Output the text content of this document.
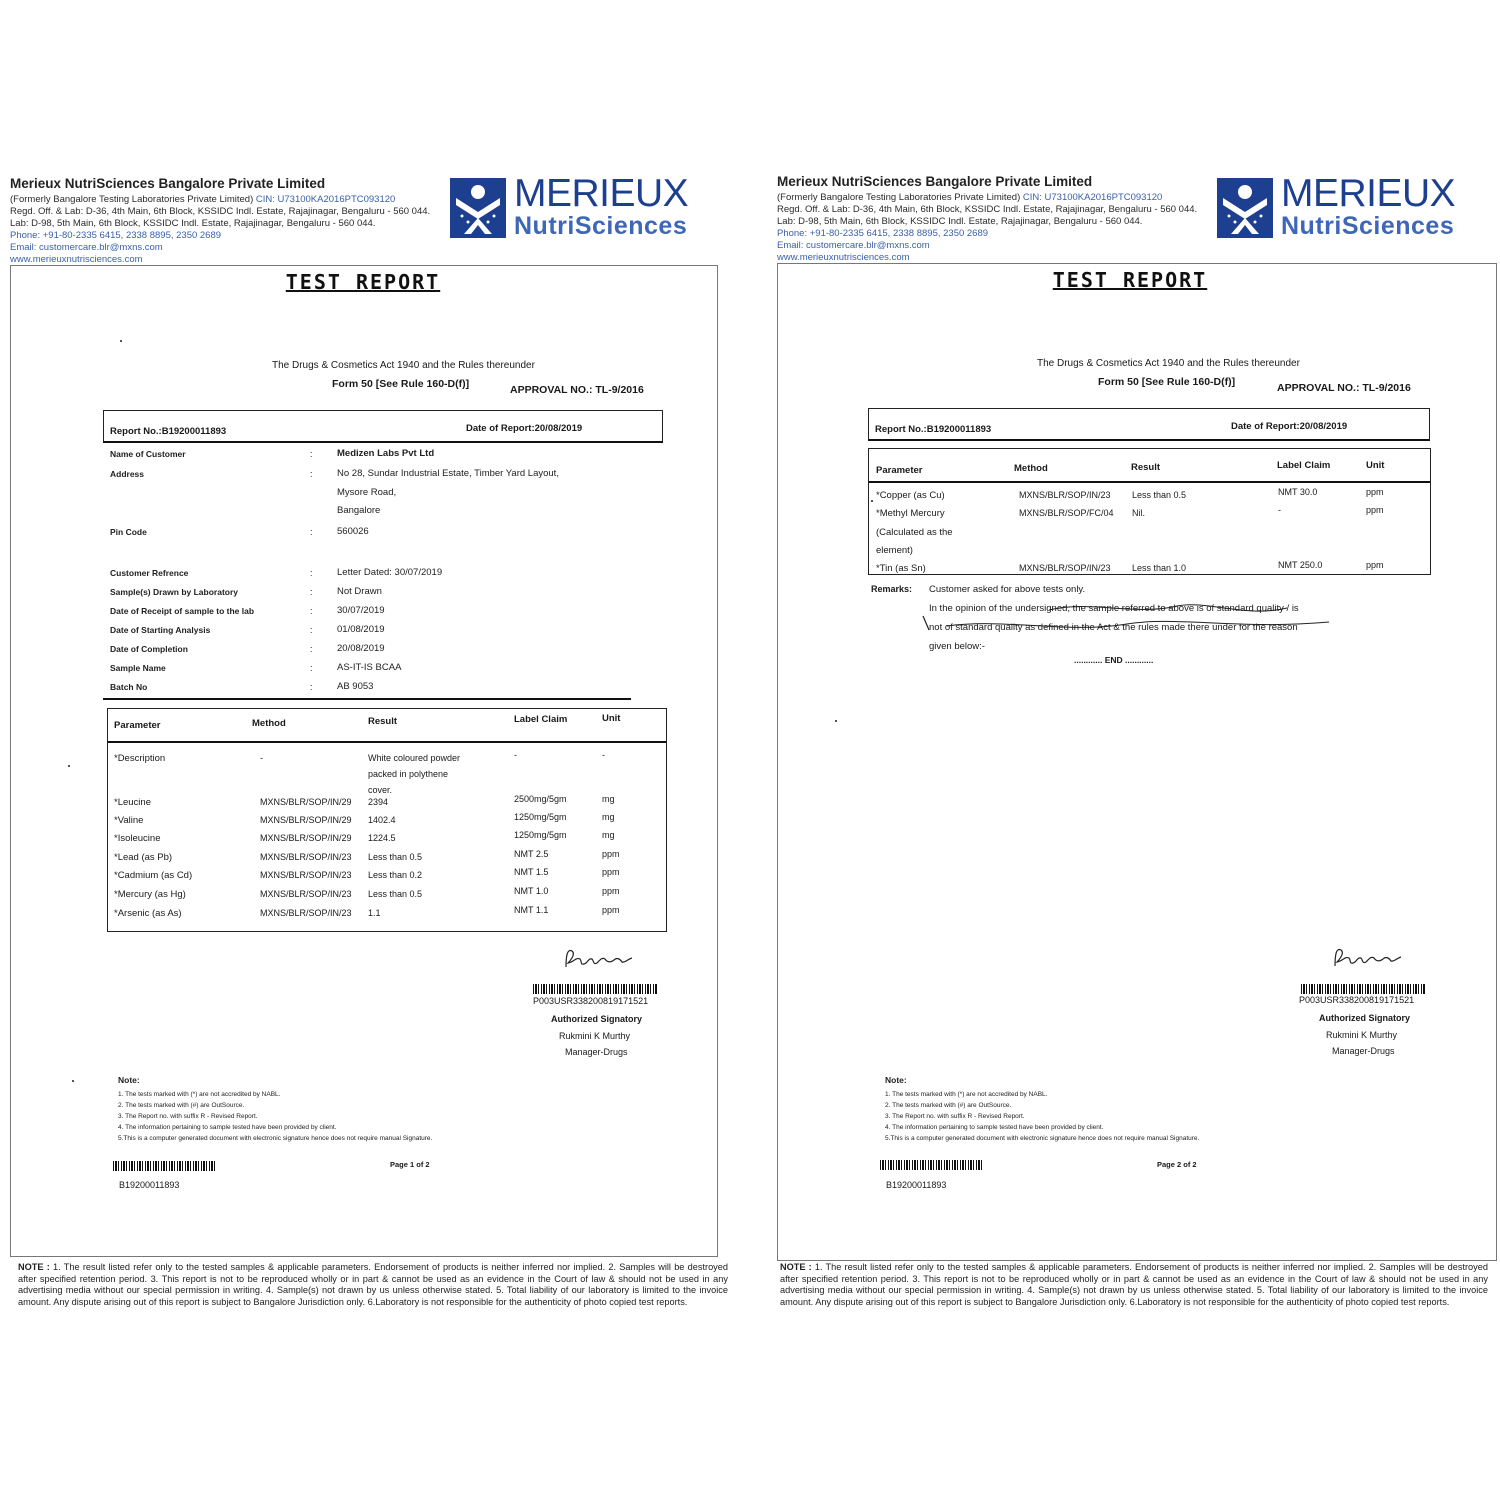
Merieux NutriSciences Bangalore Private Limited
(Formerly Bangalore Testing Laboratories Private Limited) CIN: U73100KA2016PTC093120
Regd. Off. & Lab: D-36, 4th Main, 6th Block, KSSIDC Indl. Estate, Rajajinagar, Bengaluru - 560 044.
Lab: D-98, 5th Main, 6th Block, KSSIDC Indl. Estate, Rajajinagar, Bengaluru - 560 044.
Phone: +91-80-2335 6415, 2338 8895, 2350 2689
Email: customercare.blr@mxns.com
www.merieuxnutrisciences.com
MERIEUX
NutriSciences
TEST REPORT
The Drugs & Cosmetics Act 1940 and the Rules thereunder
Form 50 [See Rule 160-D(f)]	APPROVAL NO.: TL-9/2016
Report No.:B19200011893	Date of Report:20/08/2019
Name of Customer	:	Medizen Labs Pvt Ltd
Address	:	No 28, Sundar Industrial Estate, Timber Yard Layout,
Mysore Road,
Bangalore
Pin Code	:	560026
Customer Refrence	:	Letter Dated: 30/07/2019
Sample(s) Drawn by Laboratory	:	Not Drawn
Date of Receipt of sample to the lab	:	30/07/2019
Date of Starting Analysis	:	01/08/2019
Date of Completion	:	20/08/2019
Sample Name	:	AS-IT-IS BCAA
Batch No	:	AB 9053
Parameter	Method	Result	Label Claim	Unit
*Description	-	White coloured powder	-	-
packed in polythene
cover.
*Leucine	MXNS/BLR/SOP/IN/29 2394	2500mg/5gm	mg
*Valine	MXNS/BLR/SOP/IN/29 1402.4	1250mg/5gm	mg
*Isoleucine	MXNS/BLR/SOP/IN/29 1224.5	1250mg/5gm	mg
*Lead (as Pb)	MXNS/BLR/SOP/IN/23 Less than 0.5	NMT 2.5	ppm
*Cadmium (as Cd)	MXNS/BLR/SOP/IN/23 Less than 0.2	NMT 1.5	ppm
*Mercury (as Hg)	MXNS/BLR/SOP/IN/23 Less than 0.5	NMT 1.0	ppm
*Arsenic (as As)	MXNS/BLR/SOP/IN/23 1.1	NMT 1.1	ppm
P003USR338200819171521
Authorized Signatory
Rukmini K Murthy
Manager-Drugs
Note:
1. The tests marked with (*) are not accredited by NABL.
2. The tests marked with (#) are OutSource.
3. The Report no. with suffix R - Revised Report.
4. The information pertaining to sample tested have been provided by client.
5.This is a computer generated document with electronic signature hence does not require manual Signature.
Page 1 of 2
B19200011893
NOTE : 1. The result listed refer only to the tested samples & applicable parameters. Endorsement of products is neither inferred nor implied. 2. Samples will be destroyed after specified retention period. 3. This report is not to be reproduced wholly or in part & cannot be used as an evidence in the Court of law & should not be used in any advertising media without our special permission in writing. 4. Sample(s) not drawn by us unless otherwise stated. 5. Total liability of our laboratory is limited to the invoice amount. Any dispute arising out of this report is subject to Bangalore Jurisdiction only. 6.Laboratory is not responsible for the authenticity of photo copied test reports.
Merieux NutriSciences Bangalore Private Limited
(Formerly Bangalore Testing Laboratories Private Limited) CIN: U73100KA2016PTC093120
Regd. Off. & Lab: D-36, 4th Main, 6th Block, KSSIDC Indl. Estate, Rajajinagar, Bengaluru - 560 044.
Lab: D-98, 5th Main, 6th Block, KSSIDC Indl. Estate, Rajajinagar, Bengaluru - 560 044.
Phone: +91-80-2335 6415, 2338 8895, 2350 2689
Email: customercare.blr@mxns.com
www.merieuxnutrisciences.com
MERIEUX
NutriSciences
TEST REPORT
The Drugs & Cosmetics Act 1940 and the Rules thereunder
Form 50 [See Rule 160-D(f)]	APPROVAL NO.: TL-9/2016
Report No.:B19200011893	Date of Report:20/08/2019
Parameter	Method	Result	Label Claim	Unit
*Copper (as Cu)	MXNS/BLR/SOP/IN/23 Less than 0.5	NMT 30.0	ppm
*Methyl Mercury	MXNS/BLR/SOP/FC/04 Nil.	-	ppm
(Calculated as the
element)
*Tin (as Sn)	MXNS/BLR/SOP/IN/23 Less than 1.0	NMT 250.0	ppm
Remarks: Customer asked for above tests only.
In the opinion of the undersigned, the sample referred to above is of standard quality / is
not of standard quality as defined in the Act & the rules made there under for the reason
given below:-
............ END ............
P003USR338200819171521
Authorized Signatory
Rukmini K Murthy
Manager-Drugs
Note:
1. The tests marked with (*) are not accredited by NABL.
2. The tests marked with (#) are OutSource.
3. The Report no. with suffix R - Revised Report.
4. The information pertaining to sample tested have been provided by client.
5.This is a computer generated document with electronic signature hence does not require manual Signature.
Page 2 of 2
B19200011893
NOTE : 1. The result listed refer only to the tested samples & applicable parameters. Endorsement of products is neither inferred nor implied. 2. Samples will be destroyed after specified retention period. 3. This report is not to be reproduced wholly or in part & cannot be used as an evidence in the Court of law & should not be used in any advertising media without our special permission in writing. 4. Sample(s) not drawn by us unless otherwise stated. 5. Total liability of our laboratory is limited to the invoice amount. Any dispute arising out of this report is subject to Bangalore Jurisdiction only. 6.Laboratory is not responsible for the authenticity of photo copied test reports.
